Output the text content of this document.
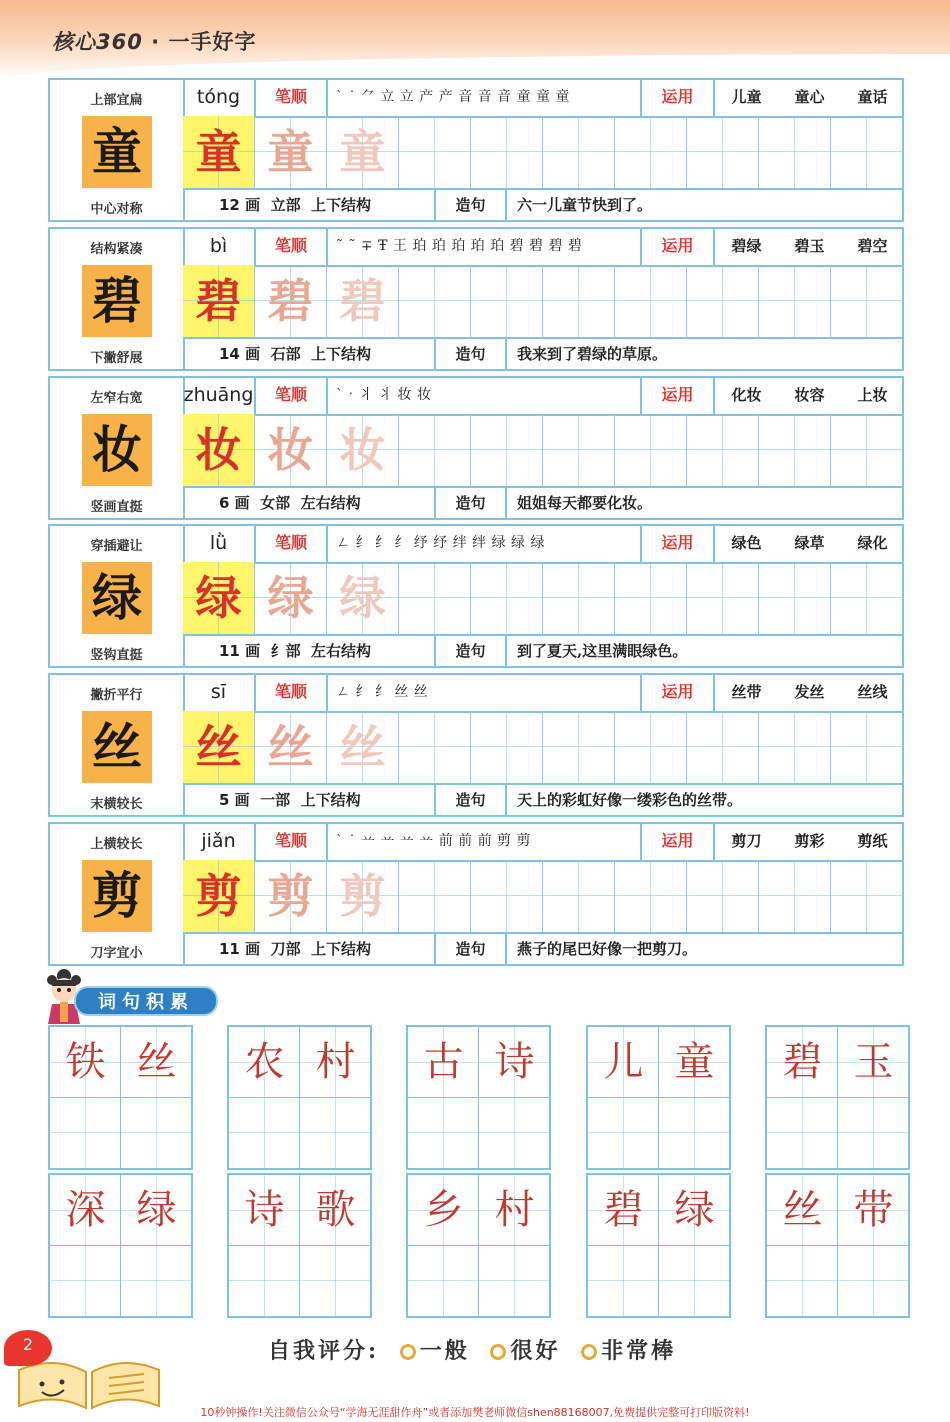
核心360 · 一手好字
上部宜扁
童
中心对称
tóng	笔顺	` ˙ ⺈ 立 立 产 产 音 音 音 童 童 童	运用	儿童 童心 童话
童 童 童
12 画 立部 上下结构	造句	六一儿童节快到了。
结构紧凑
碧
下撇舒展
bì	笔顺	˜ ˜ ∓ Ŧ 王 珀 珀 珀 珀 珀 碧 碧 碧 碧	运用	碧绿 碧玉 碧空
碧 碧 碧
14 画 石部 上下结构	造句	我来到了碧绿的草原。
左窄右宽
妆
竖画直挺
zhuāng	笔顺	` ˑ 丬 丬 妆 妆	运用	化妆 妆容 上妆
妆 妆 妆
6 画 女部 左右结构	造句	姐姐每天都要化妆。
穿插避让
绿
竖钩直挺
lǜ	笔顺	ㄥ 纟 纟 纟 纾 纾 绊 绊 绿 绿 绿	运用	绿色 绿草 绿化
绿 绿 绿
11 画 纟部 左右结构	造句	到了夏天,这里满眼绿色。
撇折平行
丝
末横较长
sī	笔顺	ㄥ 纟 纟 丝 丝	运用	丝带 发丝 丝线
丝 丝 丝
5 画 一部 上下结构	造句	天上的彩虹好像一缕彩色的丝带。
上横较长
剪
刀字宜小
jiǎn	笔顺	` ˙ 䒑 䒑 䒑 䒑 前 前 前 剪 剪	运用	剪刀 剪彩 剪纸
剪 剪 剪
11 画 刀部 上下结构	造句	燕子的尾巴好像一把剪刀。
词句积累
铁 丝	农 村	古 诗	儿 童	碧 玉
深 绿	诗 歌	乡 村	碧 绿	丝 带
自我评分: 一般 很好 非常棒
2
10秒钟操作!关注微信公众号“学海无涯甜作舟”或者添加樊老师微信shen88168007,免费提供完整可打印版资料!
